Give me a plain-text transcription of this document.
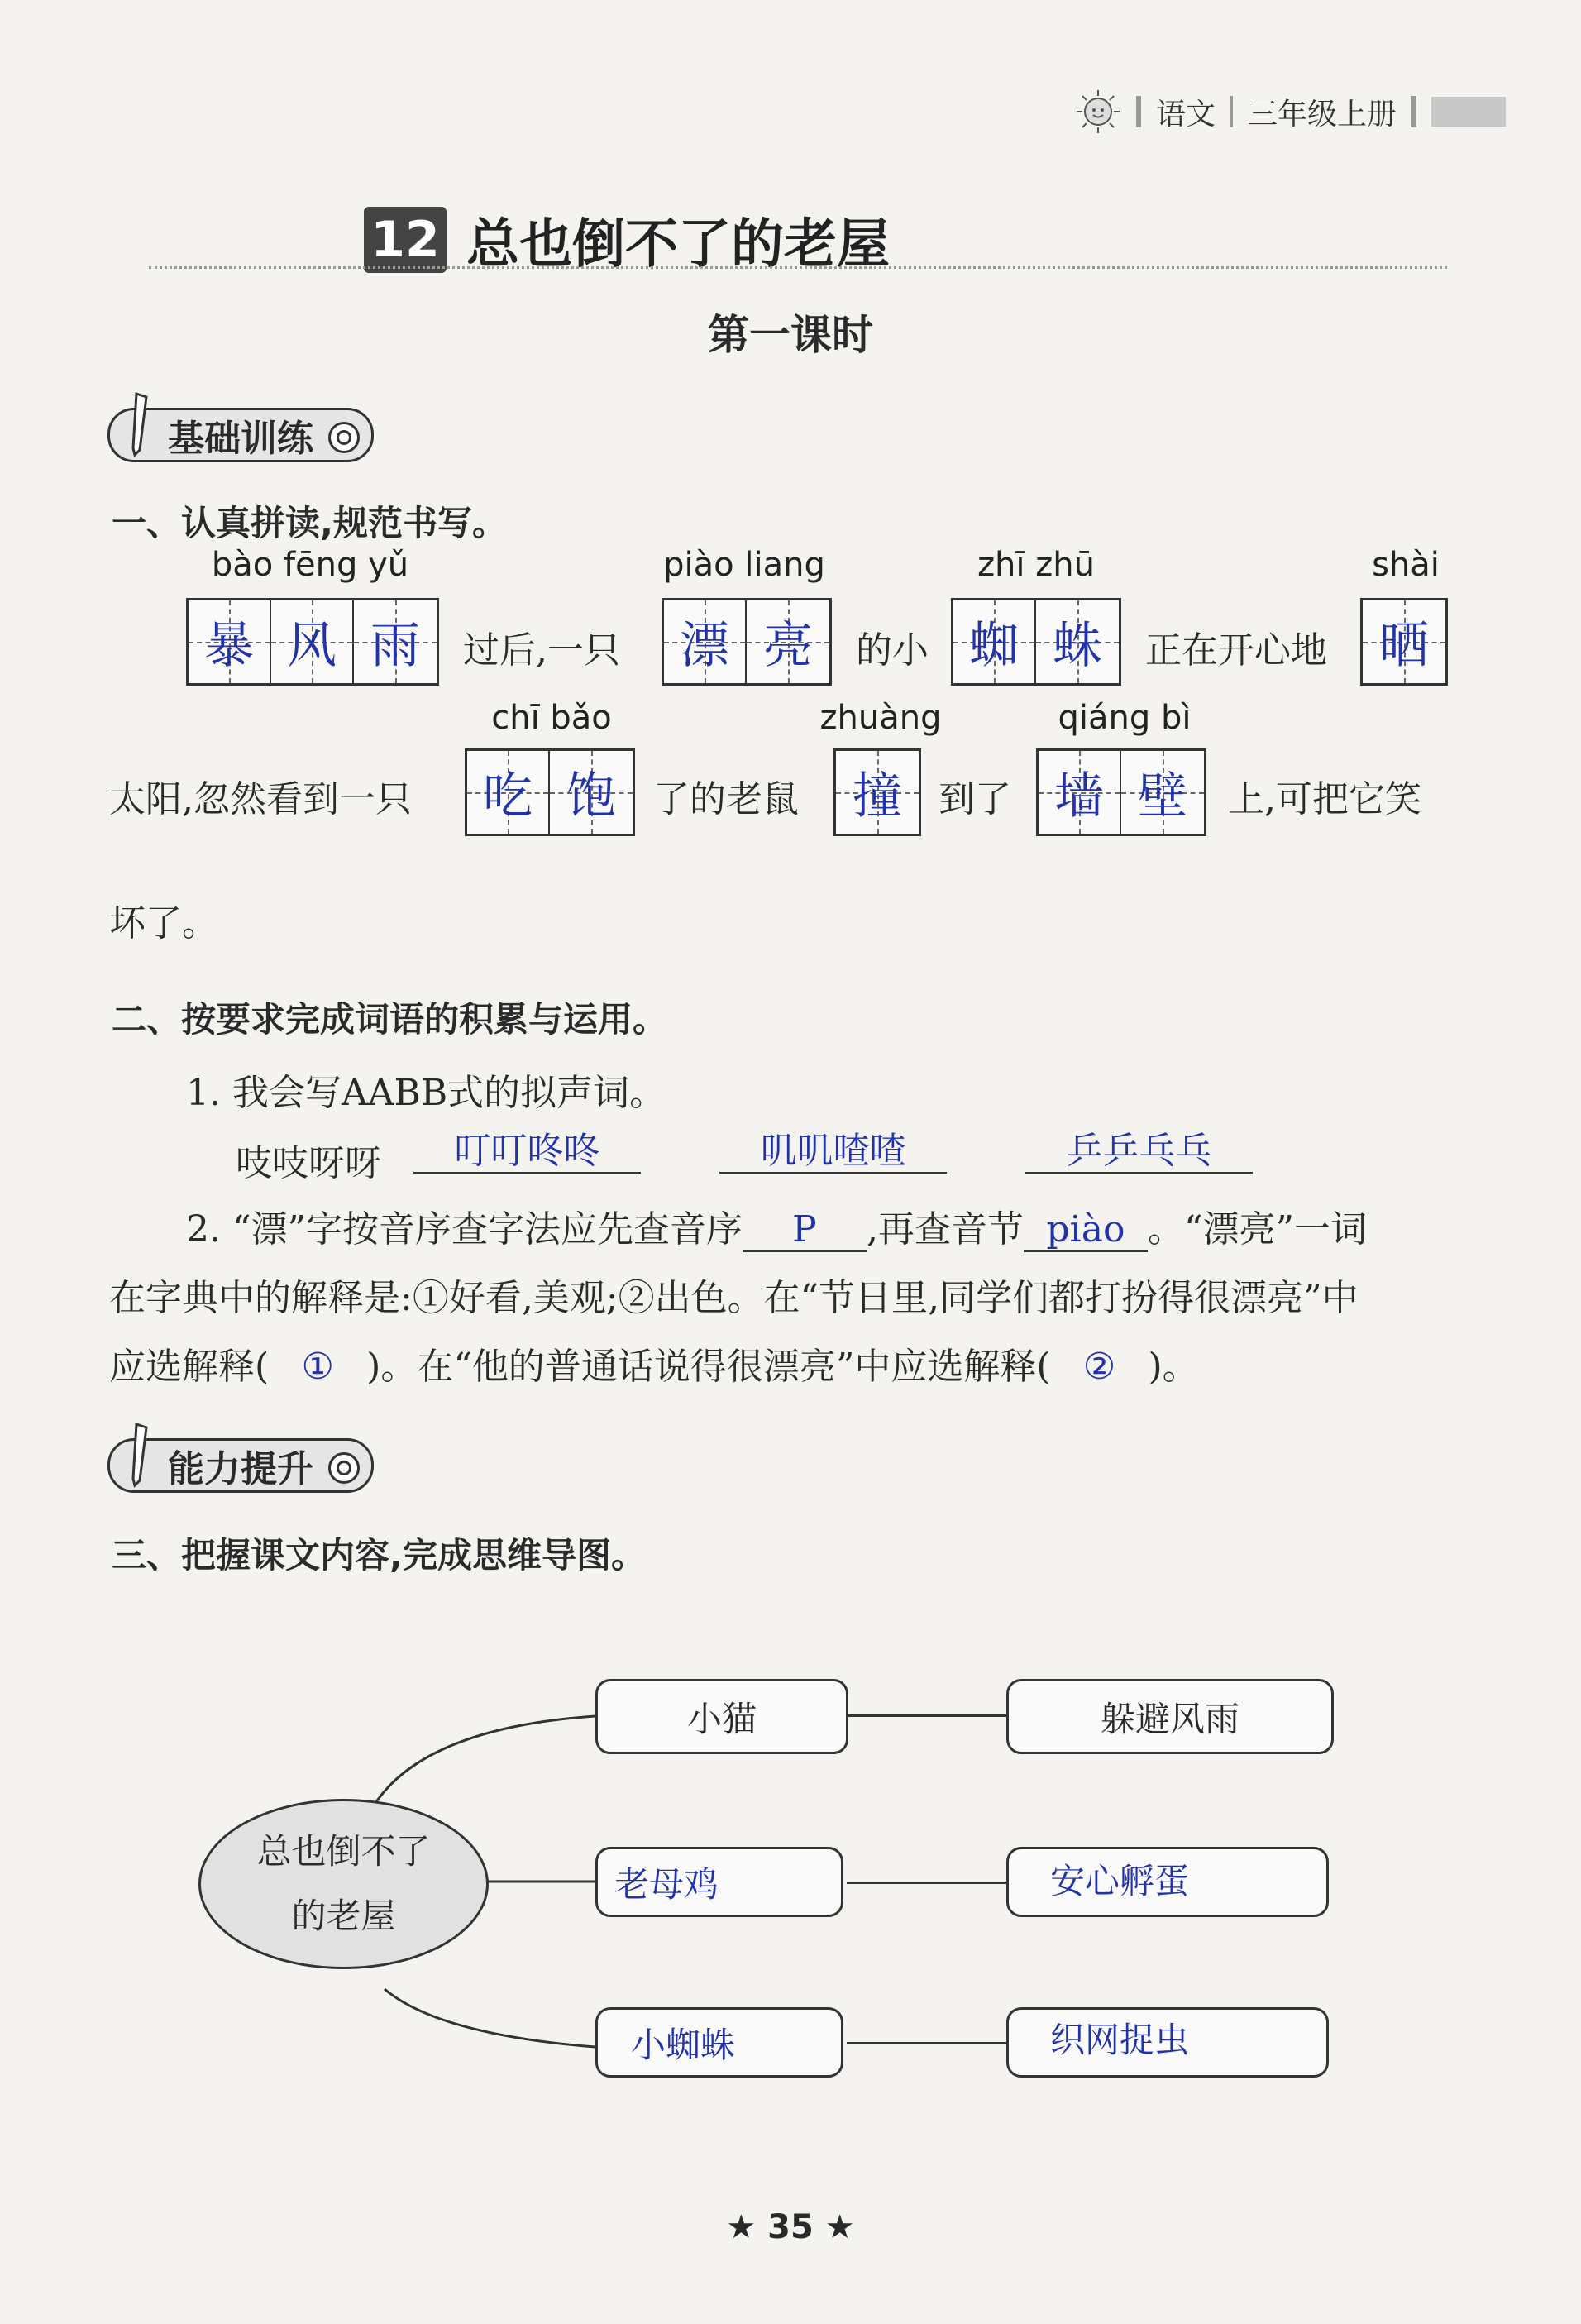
语文 三年级上册
12 总也倒不了的老屋
第一课时
基础训练
一、认真拼读,规范书写。
bào fēng yǔ	piào liang	zhī zhū	shài
暴 风 雨 过后,一只 漂 亮 的小 蜘 蛛 正在开心地 晒
chī bǎo	zhuàng	qiáng bì
太阳,忽然看到一只 吃 饱 了的老鼠 撞 到了 墙 壁 上,可把它笑
坏了。
二、按要求完成词语的积累与运用。
1. 我会写AABB式的拟声词。
吱吱呀呀	叮叮咚咚	叽叽喳喳	乒乒乓乓
2. “漂”字按音序查字法应先查音序	P	,再查音节 piào 。“漂亮”一词
在字典中的解释是:①好看,美观;②出色。在“节日里,同学们都打扮得很漂亮”中
应选解释( ① )。在“他的普通话说得很漂亮”中应选解释( ② )。
能力提升
三、把握课文内容,完成思维导图。
总也倒不了
的老屋
小猫	躲避风雨
老母鸡	安心孵蛋
小蜘蛛	织网捉虫
★ 35 ★
